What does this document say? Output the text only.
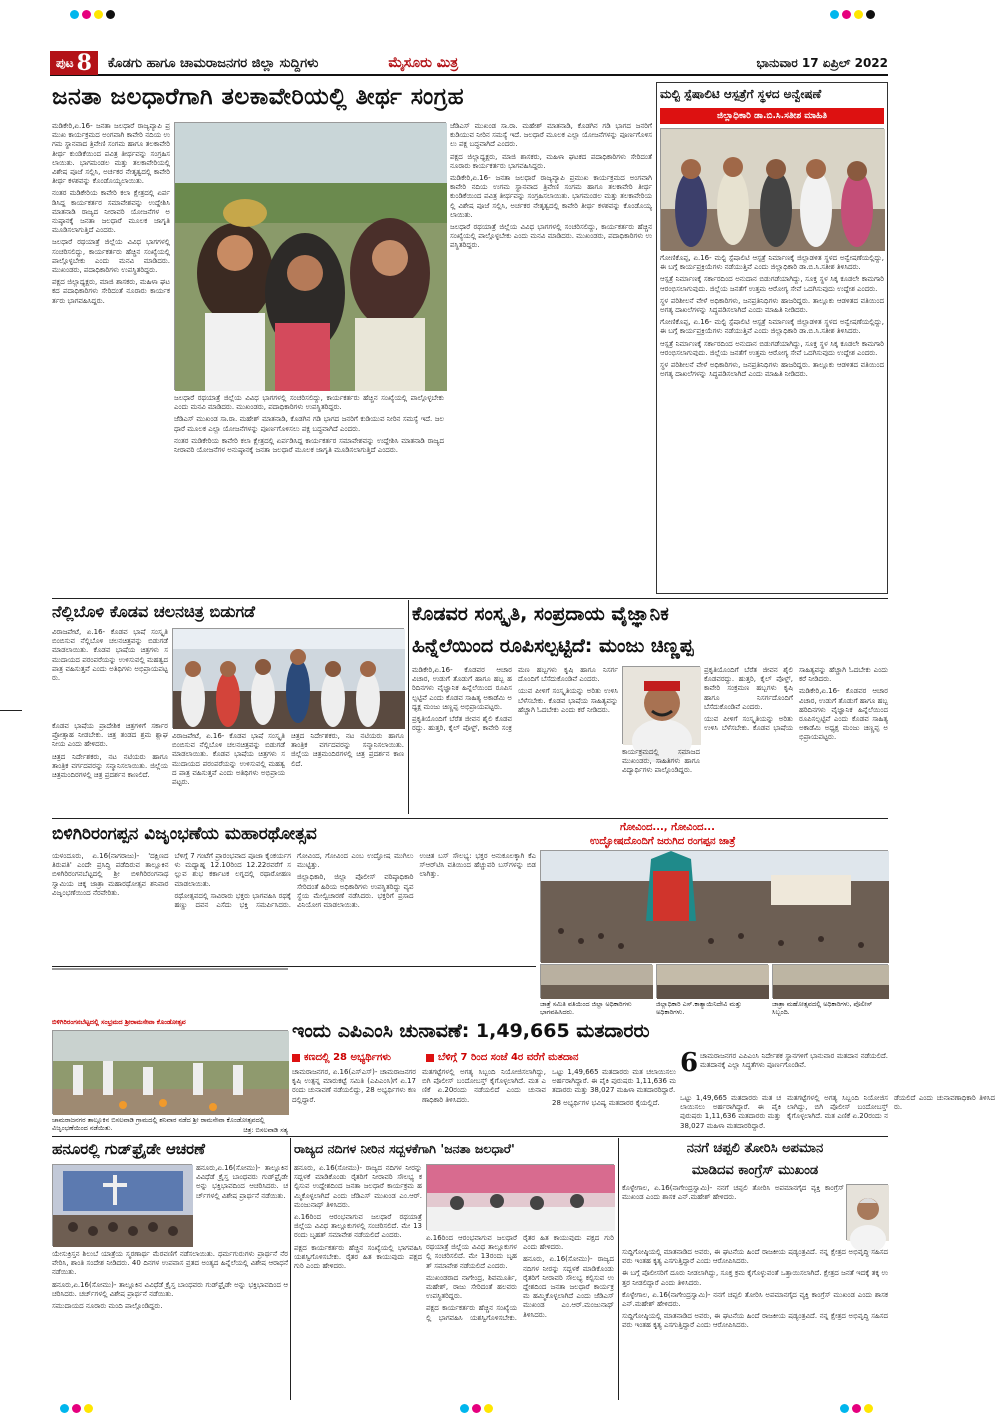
ಪುಟ 8 ಕೊಡಗು ಹಾಗೂ ಚಾಮರಾಜನಗರ ಜಿಲ್ಲಾ ಸುದ್ದಿಗಳು	ಮೈಸೂರು ಮಿತ್ರ	ಭಾನುವಾರ 17 ಏಪ್ರಿಲ್ 2022
ಜನತಾ ಜಲಧಾರೆಗಾಗಿ ತಲಕಾವೇರಿಯಲ್ಲಿ ತೀರ್ಥ ಸಂಗ್ರಹ

ಮಡಿಕೇರಿ,ಏ.16- ಜನತಾ ಜಲಧಾರೆ ರಾಜ್ಯವ್ಯಾಪಿ ಪ್ರಮುಖ ಕಾರ್ಯಕ್ರಮದ ಅಂಗವಾಗಿ ಕಾವೇರಿ ನದಿಯ ಉಗಮ ಸ್ಥಾನವಾದ ತ್ರಿವೇಣಿ ಸಂಗಮ ಹಾಗೂ ತಲಕಾವೇರಿ ತೀರ್ಥ ಕುಂಡಿಕೆಯಿಂದ ಪವಿತ್ರ ತೀರ್ಥವನ್ನು ಸಂಗ್ರಹಿಸಲಾಯಿತು. ಭಾಗಮಂಡಲ ಮತ್ತು ತಲಕಾವೇರಿಯಲ್ಲಿ ವಿಶೇಷ ಪೂಜೆ ಸಲ್ಲಿಸಿ, ಅರ್ಚಕರ ನೇತೃತ್ವದಲ್ಲಿ ಕಾವೇರಿ ತೀರ್ಥ ಕಳಶವನ್ನು ಕೊಂಡೊಯ್ಯಲಾಯಿತು.

ನಂತರ ಮಡಿಕೇರಿಯ ಕಾವೇರಿ ಕಲಾ ಕ್ಷೇತ್ರದಲ್ಲಿ ಏರ್ಪಡಿಸಿದ್ದ ಕಾರ್ಯಕರ್ತರ ಸಮಾವೇಶವನ್ನು ಉದ್ದೇಶಿಸಿ ಮಾತನಾಡಿ ರಾಜ್ಯದ ನೀರಾವರಿ ಯೋಜನೆಗಳ ಅನುಷ್ಠಾನಕ್ಕೆ ಜನತಾ ಜಲಧಾರೆ ಮೂಲಕ ಜಾಗೃತಿ ಮೂಡಿಸಲಾಗುತ್ತಿದೆ ಎಂದರು.

ಜಲಧಾರೆ ರಥಯಾತ್ರೆ ಜಿಲ್ಲೆಯ ವಿವಿಧ ಭಾಗಗಳಲ್ಲಿ ಸಂಚರಿಸಲಿದ್ದು, ಕಾರ್ಯಕರ್ತರು ಹೆಚ್ಚಿನ ಸಂಖ್ಯೆಯಲ್ಲಿ ಪಾಲ್ಗೊಳ್ಳಬೇಕು ಎಂದು ಮನವಿ ಮಾಡಿದರು. ಮುಖಂಡರು, ಪದಾಧಿಕಾರಿಗಳು ಉಪಸ್ಥಿತರಿದ್ದರು.

ಪಕ್ಷದ ಜಿಲ್ಲಾಧ್ಯಕ್ಷರು, ಮಾಜಿ ಶಾಸಕರು, ಮಹಿಳಾ ಘಟಕದ ಪದಾಧಿಕಾರಿಗಳು ಸೇರಿದಂತೆ ನೂರಾರು ಕಾರ್ಯಕರ್ತರು ಭಾಗವಹಿಸಿದ್ದರು.

ಜಲಧಾರೆ ರಥಯಾತ್ರೆ ಜಿಲ್ಲೆಯ ವಿವಿಧ ಭಾಗಗಳಲ್ಲಿ ಸಂಚರಿಸಲಿದ್ದು, ಕಾರ್ಯಕರ್ತರು ಹೆಚ್ಚಿನ ಸಂಖ್ಯೆಯಲ್ಲಿ ಪಾಲ್ಗೊಳ್ಳಬೇಕು ಎಂದು ಮನವಿ ಮಾಡಿದರು. ಮುಖಂಡರು, ಪದಾಧಿಕಾರಿಗಳು ಉಪಸ್ಥಿತರಿದ್ದರು.

ಜೆಡಿಎಸ್ ಮುಖಂಡ ಸಾ.ರಾ. ಮಹೇಶ್ ಮಾತನಾಡಿ, ಕೊಡಗಿನ ಗಡಿ ಭಾಗದ ಜನರಿಗೆ ಕುಡಿಯುವ ನೀರಿನ ಸಮಸ್ಯೆ ಇದೆ. ಜಲಧಾರೆ ಮೂಲಕ ಎಲ್ಲಾ ಯೋಜನೆಗಳನ್ನು ಪೂರ್ಣಗೊಳಿಸಲು ಪಕ್ಷ ಬದ್ಧವಾಗಿದೆ ಎಂದರು.

ನಂತರ ಮಡಿಕೇರಿಯ ಕಾವೇರಿ ಕಲಾ ಕ್ಷೇತ್ರದಲ್ಲಿ ಏರ್ಪಡಿಸಿದ್ದ ಕಾರ್ಯಕರ್ತರ ಸಮಾವೇಶವನ್ನು ಉದ್ದೇಶಿಸಿ ಮಾತನಾಡಿ ರಾಜ್ಯದ ನೀರಾವರಿ ಯೋಜನೆಗಳ ಅನುಷ್ಠಾನಕ್ಕೆ ಜನತಾ ಜಲಧಾರೆ ಮೂಲಕ ಜಾಗೃತಿ ಮೂಡಿಸಲಾಗುತ್ತಿದೆ ಎಂದರು.

ಜೆಡಿಎಸ್ ಮುಖಂಡ ಸಾ.ರಾ. ಮಹೇಶ್ ಮಾತನಾಡಿ, ಕೊಡಗಿನ ಗಡಿ ಭಾಗದ ಜನರಿಗೆ ಕುಡಿಯುವ ನೀರಿನ ಸಮಸ್ಯೆ ಇದೆ. ಜಲಧಾರೆ ಮೂಲಕ ಎಲ್ಲಾ ಯೋಜನೆಗಳನ್ನು ಪೂರ್ಣಗೊಳಿಸಲು ಪಕ್ಷ ಬದ್ಧವಾಗಿದೆ ಎಂದರು.

ಪಕ್ಷದ ಜಿಲ್ಲಾಧ್ಯಕ್ಷರು, ಮಾಜಿ ಶಾಸಕರು, ಮಹಿಳಾ ಘಟಕದ ಪದಾಧಿಕಾರಿಗಳು ಸೇರಿದಂತೆ ನೂರಾರು ಕಾರ್ಯಕರ್ತರು ಭಾಗವಹಿಸಿದ್ದರು.

ಮಡಿಕೇರಿ,ಏ.16- ಜನತಾ ಜಲಧಾರೆ ರಾಜ್ಯವ್ಯಾಪಿ ಪ್ರಮುಖ ಕಾರ್ಯಕ್ರಮದ ಅಂಗವಾಗಿ ಕಾವೇರಿ ನದಿಯ ಉಗಮ ಸ್ಥಾನವಾದ ತ್ರಿವೇಣಿ ಸಂಗಮ ಹಾಗೂ ತಲಕಾವೇರಿ ತೀರ್ಥ ಕುಂಡಿಕೆಯಿಂದ ಪವಿತ್ರ ತೀರ್ಥವನ್ನು ಸಂಗ್ರಹಿಸಲಾಯಿತು. ಭಾಗಮಂಡಲ ಮತ್ತು ತಲಕಾವೇರಿಯಲ್ಲಿ ವಿಶೇಷ ಪೂಜೆ ಸಲ್ಲಿಸಿ, ಅರ್ಚಕರ ನೇತೃತ್ವದಲ್ಲಿ ಕಾವೇರಿ ತೀರ್ಥ ಕಳಶವನ್ನು ಕೊಂಡೊಯ್ಯಲಾಯಿತು.

ಜಲಧಾರೆ ರಥಯಾತ್ರೆ ಜಿಲ್ಲೆಯ ವಿವಿಧ ಭಾಗಗಳಲ್ಲಿ ಸಂಚರಿಸಲಿದ್ದು, ಕಾರ್ಯಕರ್ತರು ಹೆಚ್ಚಿನ ಸಂಖ್ಯೆಯಲ್ಲಿ ಪಾಲ್ಗೊಳ್ಳಬೇಕು ಎಂದು ಮನವಿ ಮಾಡಿದರು. ಮುಖಂಡರು, ಪದಾಧಿಕಾರಿಗಳು ಉಪಸ್ಥಿತರಿದ್ದರು.

ಮಲ್ಟಿ ಸ್ಪೆಷಾಲಿಟಿ ಆಸ್ಪತ್ರೆಗೆ ಸ್ಥಳದ ಅನ್ವೇಷಣೆ
ಜಿಲ್ಲಾಧಿಕಾರಿ ಡಾ.ಬಿ.ಸಿ.ಸತೀಶ ಮಾಹಿತಿ

ಗೋಣಿಕೊಪ್ಪ, ಏ.16- ಮಲ್ಟಿ ಸ್ಪೆಷಾಲಿಟಿ ಆಸ್ಪತ್ರೆ ನಿರ್ಮಾಣಕ್ಕೆ ಜಿಲ್ಲಾಡಳಿತ ಸ್ಥಳದ ಅನ್ವೇಷಣೆಯಲ್ಲಿದ್ದು, ಈ ಬಗ್ಗೆ ಕಾರ್ಯಪ್ರಕ್ರಿಯೆಗಳು ನಡೆಯುತ್ತಿವೆ ಎಂದು ಜಿಲ್ಲಾಧಿಕಾರಿ ಡಾ.ಬಿ.ಸಿ.ಸತೀಶ ತಿಳಿಸಿದರು.

ಆಸ್ಪತ್ರೆ ನಿರ್ಮಾಣಕ್ಕೆ ಸರ್ಕಾರದಿಂದ ಅನುದಾನ ಬಿಡುಗಡೆಯಾಗಿದ್ದು, ಸೂಕ್ತ ಸ್ಥಳ ಸಿಕ್ಕ ಕೂಡಲೇ ಕಾಮಗಾರಿ ಆರಂಭಿಸಲಾಗುವುದು. ಜಿಲ್ಲೆಯ ಜನತೆಗೆ ಉತ್ತಮ ಆರೋಗ್ಯ ಸೇವೆ ಒದಗಿಸುವುದು ಉದ್ದೇಶ ಎಂದರು.

ಸ್ಥಳ ಪರಿಶೀಲನೆ ವೇಳೆ ಅಧಿಕಾರಿಗಳು, ಜನಪ್ರತಿನಿಧಿಗಳು ಹಾಜರಿದ್ದರು. ತಾಲ್ಲೂಕು ಆಡಳಿತದ ವತಿಯಿಂದ ಅಗತ್ಯ ದಾಖಲೆಗಳನ್ನು ಸಿದ್ಧಪಡಿಸಲಾಗಿದೆ ಎಂದು ಮಾಹಿತಿ ನೀಡಿದರು.

ಗೋಣಿಕೊಪ್ಪ, ಏ.16- ಮಲ್ಟಿ ಸ್ಪೆಷಾಲಿಟಿ ಆಸ್ಪತ್ರೆ ನಿರ್ಮಾಣಕ್ಕೆ ಜಿಲ್ಲಾಡಳಿತ ಸ್ಥಳದ ಅನ್ವೇಷಣೆಯಲ್ಲಿದ್ದು, ಈ ಬಗ್ಗೆ ಕಾರ್ಯಪ್ರಕ್ರಿಯೆಗಳು ನಡೆಯುತ್ತಿವೆ ಎಂದು ಜಿಲ್ಲಾಧಿಕಾರಿ ಡಾ.ಬಿ.ಸಿ.ಸತೀಶ ತಿಳಿಸಿದರು.

ಆಸ್ಪತ್ರೆ ನಿರ್ಮಾಣಕ್ಕೆ ಸರ್ಕಾರದಿಂದ ಅನುದಾನ ಬಿಡುಗಡೆಯಾಗಿದ್ದು, ಸೂಕ್ತ ಸ್ಥಳ ಸಿಕ್ಕ ಕೂಡಲೇ ಕಾಮಗಾರಿ ಆರಂಭಿಸಲಾಗುವುದು. ಜಿಲ್ಲೆಯ ಜನತೆಗೆ ಉತ್ತಮ ಆರೋಗ್ಯ ಸೇವೆ ಒದಗಿಸುವುದು ಉದ್ದೇಶ ಎಂದರು.

ಸ್ಥಳ ಪರಿಶೀಲನೆ ವೇಳೆ ಅಧಿಕಾರಿಗಳು, ಜನಪ್ರತಿನಿಧಿಗಳು ಹಾಜರಿದ್ದರು. ತಾಲ್ಲೂಕು ಆಡಳಿತದ ವತಿಯಿಂದ ಅಗತ್ಯ ದಾಖಲೆಗಳನ್ನು ಸಿದ್ಧಪಡಿಸಲಾಗಿದೆ ಎಂದು ಮಾಹಿತಿ ನೀಡಿದರು.

ನೆಲ್ಲಿಬೊಳಿ ಕೊಡವ ಚಲನಚಿತ್ರ ಬಿಡುಗಡೆ

ವಿರಾಜಪೇಟೆ, ಏ.16- ಕೊಡವ ಭಾಷೆ ಸಂಸ್ಕೃತಿ ಬಿಂಬಿಸುವ ನೆಲ್ಲಿಬೊಳಿ ಚಲನಚಿತ್ರವನ್ನು ಬಿಡುಗಡೆ ಮಾಡಲಾಯಿತು. ಕೊಡವ ಭಾಷೆಯ ಚಿತ್ರಗಳು ಸಮುದಾಯದ ಪರಂಪರೆಯನ್ನು ಉಳಿಸುವಲ್ಲಿ ಮಹತ್ವದ ಪಾತ್ರ ವಹಿಸುತ್ತವೆ ಎಂದು ಅತಿಥಿಗಳು ಅಭಿಪ್ರಾಯಪಟ್ಟರು.

ಕೊಡವ ಭಾಷೆಯ ಪ್ರಾದೇಶಿಕ ಚಿತ್ರಗಳಿಗೆ ಸರ್ಕಾರ ಪ್ರೋತ್ಸಾಹ ನೀಡಬೇಕು. ಚಿತ್ರ ತಂಡದ ಶ್ರಮ ಶ್ಲಾಘನೀಯ ಎಂದು ಹೇಳಿದರು.

ಚಿತ್ರದ ನಿರ್ದೇಶಕರು, ನಟ ನಟಿಯರು ಹಾಗೂ ತಾಂತ್ರಿಕ ವರ್ಗದವರನ್ನು ಸನ್ಮಾನಿಸಲಾಯಿತು. ಜಿಲ್ಲೆಯ ಚಿತ್ರಮಂದಿರಗಳಲ್ಲಿ ಚಿತ್ರ ಪ್ರದರ್ಶನ ಕಾಣಲಿದೆ.

ವಿರಾಜಪೇಟೆ, ಏ.16- ಕೊಡವ ಭಾಷೆ ಸಂಸ್ಕೃತಿ ಬಿಂಬಿಸುವ ನೆಲ್ಲಿಬೊಳಿ ಚಲನಚಿತ್ರವನ್ನು ಬಿಡುಗಡೆ ಮಾಡಲಾಯಿತು. ಕೊಡವ ಭಾಷೆಯ ಚಿತ್ರಗಳು ಸಮುದಾಯದ ಪರಂಪರೆಯನ್ನು ಉಳಿಸುವಲ್ಲಿ ಮಹತ್ವದ ಪಾತ್ರ ವಹಿಸುತ್ತವೆ ಎಂದು ಅತಿಥಿಗಳು ಅಭಿಪ್ರಾಯಪಟ್ಟರು.

ಚಿತ್ರದ ನಿರ್ದೇಶಕರು, ನಟ ನಟಿಯರು ಹಾಗೂ ತಾಂತ್ರಿಕ ವರ್ಗದವರನ್ನು ಸನ್ಮಾನಿಸಲಾಯಿತು. ಜಿಲ್ಲೆಯ ಚಿತ್ರಮಂದಿರಗಳಲ್ಲಿ ಚಿತ್ರ ಪ್ರದರ್ಶನ ಕಾಣಲಿದೆ.

ಕೊಡವರ ಸಂಸ್ಕೃತಿ, ಸಂಪ್ರದಾಯ ವೈಜ್ಞಾನಿಕ
ಹಿನ್ನೆಲೆಯಿಂದ ರೂಪಿಸಲ್ಪಟ್ಟಿದೆ: ಮಂಜು ಚಿಣ್ಣಪ್ಪ

ಮಡಿಕೇರಿ,ಏ.16- ಕೊಡವರ ಆಚಾರ ವಿಚಾರ, ಉಡುಗೆ ತೊಡುಗೆ ಹಾಗೂ ಹಬ್ಬ ಹರಿದಿನಗಳು ವೈಜ್ಞಾನಿಕ ಹಿನ್ನೆಲೆಯಿಂದ ರೂಪಿಸಲ್ಪಟ್ಟಿವೆ ಎಂದು ಕೊಡವ ಸಾಹಿತ್ಯ ಅಕಾಡೆಮಿ ಅಧ್ಯಕ್ಷ ಮಂಜು ಚಿಣ್ಣಪ್ಪ ಅಭಿಪ್ರಾಯಪಟ್ಟರು.

ಪ್ರಕೃತಿಯೊಂದಿಗೆ ಬೆರೆತ ಜೀವನ ಶೈಲಿ ಕೊಡವರದ್ದು. ಹುತ್ತರಿ, ಕೈಲ್ ಪೊಳ್ದ್, ಕಾವೇರಿ ಸಂಕ್ರಮಣ ಹಬ್ಬಗಳು ಕೃಷಿ ಹಾಗೂ ನಿಸರ್ಗದೊಂದಿಗೆ ಬೆಸೆದುಕೊಂಡಿವೆ ಎಂದರು.

ಯುವ ಪೀಳಿಗೆ ಸಂಸ್ಕೃತಿಯನ್ನು ಅರಿತು ಉಳಿಸಿ ಬೆಳೆಸಬೇಕು. ಕೊಡವ ಭಾಷೆಯ ಸಾಹಿತ್ಯವನ್ನು ಹೆಚ್ಚಾಗಿ ಓದಬೇಕು ಎಂದು ಕರೆ ನೀಡಿದರು.

ಕಾರ್ಯಕ್ರಮದಲ್ಲಿ ಸಮಾಜದ ಮುಖಂಡರು, ಸಾಹಿತಿಗಳು ಹಾಗೂ ವಿದ್ಯಾರ್ಥಿಗಳು ಪಾಲ್ಗೊಂಡಿದ್ದರು.

ಪ್ರಕೃತಿಯೊಂದಿಗೆ ಬೆರೆತ ಜೀವನ ಶೈಲಿ ಕೊಡವರದ್ದು. ಹುತ್ತರಿ, ಕೈಲ್ ಪೊಳ್ದ್, ಕಾವೇರಿ ಸಂಕ್ರಮಣ ಹಬ್ಬಗಳು ಕೃಷಿ ಹಾಗೂ ನಿಸರ್ಗದೊಂದಿಗೆ ಬೆಸೆದುಕೊಂಡಿವೆ ಎಂದರು.

ಯುವ ಪೀಳಿಗೆ ಸಂಸ್ಕೃತಿಯನ್ನು ಅರಿತು ಉಳಿಸಿ ಬೆಳೆಸಬೇಕು. ಕೊಡವ ಭಾಷೆಯ ಸಾಹಿತ್ಯವನ್ನು ಹೆಚ್ಚಾಗಿ ಓದಬೇಕು ಎಂದು ಕರೆ ನೀಡಿದರು.

ಮಡಿಕೇರಿ,ಏ.16- ಕೊಡವರ ಆಚಾರ ವಿಚಾರ, ಉಡುಗೆ ತೊಡುಗೆ ಹಾಗೂ ಹಬ್ಬ ಹರಿದಿನಗಳು ವೈಜ್ಞಾನಿಕ ಹಿನ್ನೆಲೆಯಿಂದ ರೂಪಿಸಲ್ಪಟ್ಟಿವೆ ಎಂದು ಕೊಡವ ಸಾಹಿತ್ಯ ಅಕಾಡೆಮಿ ಅಧ್ಯಕ್ಷ ಮಂಜು ಚಿಣ್ಣಪ್ಪ ಅಭಿಪ್ರಾಯಪಟ್ಟರು.

ಬಿಳಿಗಿರಿರಂಗಪ್ಪನ ವಿಜೃಂಭಣೆಯ ಮಹಾರಥೋತ್ಸವ	ಗೋವಿಂದ..., ಗೋವಿಂದ...
ಉದ್ಘೋಷದೊಂದಿಗೆ ಜರುಗಿದ ರಂಗಪ್ಪನ ಜಾತ್ರೆ

ಯಳಂದೂರು, ಏ.16(ನಾಗರಾಜು)- 'ದಕ್ಷಿಣದ ತಿರುಪತಿ' ಎಂದೇ ಪ್ರಸಿದ್ಧಿ ಪಡೆದಿರುವ ತಾಲ್ಲೂಕಿನ ಬಿಳಿಗಿರಿರಂಗನಬೆಟ್ಟದಲ್ಲಿ ಶ್ರೀ ಬಿಳಿಗಿರಿರಂಗನಾಥಸ್ವಾಮಿಯ ಚಿಕ್ಕ ಜಾತ್ರಾ ಮಹಾರಥೋತ್ಸವ ಶನಿವಾರ ವಿಜೃಂಭಣೆಯಿಂದ ನೆರವೇರಿತು.

ಬೆಳಿಗ್ಗೆ 7 ಗಂಟೆಗೆ ಪ್ರಾರಂಭವಾದ ಪೂಜಾ ಕೈಂಕರ್ಯಗಳು ಮಧ್ಯಾಹ್ನ 12.10ರಿಂದ 12.22ರವರೆಗೆ ಸಲ್ಲುವ ಶುಭ ಕರ್ಕಾಟಕ ಲಗ್ನದಲ್ಲಿ ರಥಾರೋಹಣ ಮಾಡಲಾಯಿತು.

ರಥೋತ್ಸವದಲ್ಲಿ ಸಾವಿರಾರು ಭಕ್ತರು ಭಾಗವಹಿಸಿ ರಥಕ್ಕೆ ಹಣ್ಣು ದವನ ಎಸೆದು ಭಕ್ತಿ ಸಮರ್ಪಿಸಿದರು. ಗೋವಿಂದ, ಗೋವಿಂದ ಎಂಬ ಉದ್ಘೋಷ ಮುಗಿಲು ಮುಟ್ಟಿತ್ತು.

ಜಿಲ್ಲಾಧಿಕಾರಿ, ಜಿಲ್ಲಾ ಪೊಲೀಸ್ ವರಿಷ್ಠಾಧಿಕಾರಿ ಸೇರಿದಂತೆ ಹಿರಿಯ ಅಧಿಕಾರಿಗಳು ಉಪಸ್ಥಿತರಿದ್ದು ವ್ಯವಸ್ಥೆಯ ಮೇಲ್ವಿಚಾರಣೆ ನಡೆಸಿದರು. ಭಕ್ತರಿಗೆ ಪ್ರಸಾದ ವಿನಿಯೋಗ ಮಾಡಲಾಯಿತು.

ಉಚಿತ ಬಸ್ ಸೌಲಭ್ಯ: ಭಕ್ತರ ಅನುಕೂಲಕ್ಕಾಗಿ ಕೆಎಸ್‌ಆರ್‌ಟಿಸಿ ವತಿಯಿಂದ ಹೆಚ್ಚುವರಿ ಬಸ್‌ಗಳನ್ನು ಬಿಡಲಾಗಿತ್ತು.

ಜಾತ್ರೆ ಸಮಿತಿ ವತಿಯಿಂದ ಜಿಲ್ಲಾ ಅಧಿಕಾರಿಗಳು ಭಾಗವಹಿಸಿದರು.
ಜಿಲ್ಲಾಧಿಕಾರಿ ಎಸ್.ಕಾತ್ಯಾಯಿನಿದೇವಿ ಮತ್ತು ಅಧಿಕಾರಿಗಳು.
ಜಾತ್ರಾ ಮಹೋತ್ಸವದಲ್ಲಿ ಅಧಿಕಾರಿಗಳು, ಪೊಲೀಸ್ ಸಿಬ್ಬಂದಿ.
ಬಿಳಿಗಿರಿರಂಗನಬೆಟ್ಟದಲ್ಲಿ ಸಂಭ್ರಮದ ಶ್ರೀರಾಮಸೇವಾ ಕೊಂಡೋತ್ಸವ
ಚಾಮರಾಜನಗರ ತಾಲ್ಲೂಕಿನ ಬಿಸಲವಾಡಿ ಗ್ರಾಮದಲ್ಲಿ ಶನಿವಾರ ನಡೆದ ಶ್ರೀ ರಾಮಸೇವಾ ಕೊಂಡೋತ್ಸವದಲ್ಲಿ ವಿಜೃಂಭಣೆಯಿಂದ ನಡೆಯಿತು.	ಚಿತ್ರ: ಬಿಸಲವಾಡಿ ಸತ್ಯ
ಇಂದು ಎಪಿಎಂಸಿ ಚುನಾವಣೆ: 1,49,665 ಮತದಾರರು
ಕಣದಲ್ಲಿ 28 ಅಭ್ಯರ್ಥಿಗಳು	ಬೆಳಿಗ್ಗೆ 7 ರಿಂದ ಸಂಜೆ 4ರ ವರೆಗೆ ಮತದಾನ	6 ಚಾಮರಾಜನಗರ ಎಪಿಎಂಸಿ ನಿರ್ದೇಶಕ ಸ್ಥಾನಗಳಿಗೆ ಭಾನುವಾರ ಮತದಾನ ನಡೆಯಲಿದೆ. ಮತದಾನಕ್ಕೆ ಎಲ್ಲಾ ಸಿದ್ಧತೆಗಳು ಪೂರ್ಣಗೊಂಡಿವೆ.

ಚಾಮರಾಜನಗರ, ಏ.16(ಎಸ್‌ಎಸ್)- ಚಾಮರಾಜನಗರ ಕೃಷಿ ಉತ್ಪನ್ನ ಮಾರುಕಟ್ಟೆ ಸಮಿತಿ (ಎಪಿಎಂಸಿ)ಗೆ ಏ.17ರಂದು ಚುನಾವಣೆ ನಡೆಯಲಿದ್ದು, 28 ಅಭ್ಯರ್ಥಿಗಳು ಕಣದಲ್ಲಿದ್ದಾರೆ.

ಮತಗಟ್ಟೆಗಳಲ್ಲಿ ಅಗತ್ಯ ಸಿಬ್ಬಂದಿ ನಿಯೋಜಿಸಲಾಗಿದ್ದು, ಬಿಗಿ ಪೊಲೀಸ್ ಬಂದೋಬಸ್ತ್ ಕೈಗೊಳ್ಳಲಾಗಿದೆ. ಮತ ಎಣಿಕೆ ಏ.20ರಂದು ನಡೆಯಲಿದೆ ಎಂದು ಚುನಾವಣಾಧಿಕಾರಿ ತಿಳಿಸಿದರು.

ಒಟ್ಟು 1,49,665 ಮತದಾರರು ಮತ ಚಲಾಯಿಸಲು ಅರ್ಹರಾಗಿದ್ದಾರೆ. ಈ ಪೈಕಿ ಪುರುಷರು 1,11,636 ಮತದಾರರು ಮತ್ತು 38,027 ಮಹಿಳಾ ಮತದಾರರಿದ್ದಾರೆ.

28 ಅಭ್ಯರ್ಥಿಗಳ ಭವಿಷ್ಯ ಮತದಾರರ ಕೈಯಲ್ಲಿದೆ.

ಒಟ್ಟು 1,49,665 ಮತದಾರರು ಮತ ಚಲಾಯಿಸಲು ಅರ್ಹರಾಗಿದ್ದಾರೆ. ಈ ಪೈಕಿ ಪುರುಷರು 1,11,636 ಮತದಾರರು ಮತ್ತು 38,027 ಮಹಿಳಾ ಮತದಾರರಿದ್ದಾರೆ.

ಮತಗಟ್ಟೆಗಳಲ್ಲಿ ಅಗತ್ಯ ಸಿಬ್ಬಂದಿ ನಿಯೋಜಿಸಲಾಗಿದ್ದು, ಬಿಗಿ ಪೊಲೀಸ್ ಬಂದೋಬಸ್ತ್ ಕೈಗೊಳ್ಳಲಾಗಿದೆ. ಮತ ಎಣಿಕೆ ಏ.20ರಂದು ನಡೆಯಲಿದೆ ಎಂದು ಚುನಾವಣಾಧಿಕಾರಿ ತಿಳಿಸಿದರು.

ಹನೂರಲ್ಲಿ ಗುಡ್‌ಫ್ರೈಡೇ ಆಚರಣೆ

ಹನೂರು,ಏ.16(ಸೋಮು)- ತಾಲ್ಲೂಕಿನ ವಿವಿಧೆಡೆ ಕ್ರೈಸ್ತ ಬಾಂಧವರು ಗುಡ್‌ಫ್ರೈಡೇ ಅನ್ನು ಭಕ್ತಿಭಾವದಿಂದ ಆಚರಿಸಿದರು. ಚರ್ಚ್‌ಗಳಲ್ಲಿ ವಿಶೇಷ ಪ್ರಾರ್ಥನೆ ನಡೆಯಿತು.

ಯೇಸುಕ್ರಿಸ್ತನ ಶಿಲುಬೆ ಯಾತ್ರೆಯ ಸ್ಮರಣಾರ್ಥ ಮೆರವಣಿಗೆ ನಡೆಸಲಾಯಿತು. ಧರ್ಮಗುರುಗಳು ಪ್ರಾರ್ಥನೆ ನೆರವೇರಿಸಿ, ಶಾಂತಿ ಸಂದೇಶ ನೀಡಿದರು. 40 ದಿನಗಳ ಉಪವಾಸ ವ್ರತದ ಅಂತ್ಯದ ಹಿನ್ನೆಲೆಯಲ್ಲಿ ವಿಶೇಷ ಆರಾಧನೆ ನಡೆಯಿತು.

ಹನೂರು,ಏ.16(ಸೋಮು)- ತಾಲ್ಲೂಕಿನ ವಿವಿಧೆಡೆ ಕ್ರೈಸ್ತ ಬಾಂಧವರು ಗುಡ್‌ಫ್ರೈಡೇ ಅನ್ನು ಭಕ್ತಿಭಾವದಿಂದ ಆಚರಿಸಿದರು. ಚರ್ಚ್‌ಗಳಲ್ಲಿ ವಿಶೇಷ ಪ್ರಾರ್ಥನೆ ನಡೆಯಿತು.

ಸಮುದಾಯದ ನೂರಾರು ಮಂದಿ ಪಾಲ್ಗೊಂಡಿದ್ದರು.

ರಾಜ್ಯದ ನದಿಗಳ ನೀರಿನ ಸದ್ಬಳಕೆಗಾಗಿ 'ಜನತಾ ಜಲಧಾರೆ'

ಹನೂರು, ಏ.16(ಸೋಮು)- ರಾಜ್ಯದ ನದಿಗಳ ನೀರನ್ನು ಸದ್ಬಳಕೆ ಮಾಡಿಕೊಂಡು ರೈತರಿಗೆ ನೀರಾವರಿ ಸೌಲಭ್ಯ ಕಲ್ಪಿಸುವ ಉದ್ದೇಶದಿಂದ ಜನತಾ ಜಲಧಾರೆ ಕಾರ್ಯಕ್ರಮ ಹಮ್ಮಿಕೊಳ್ಳಲಾಗಿದೆ ಎಂದು ಜೆಡಿಎಸ್ ಮುಖಂಡ ಎಂ.ಆರ್.ಮಂಜುನಾಥ್ ತಿಳಿಸಿದರು.

ಏ.16ರಿಂದ ಆರಂಭವಾಗುವ ಜಲಧಾರೆ ರಥಯಾತ್ರೆ ಜಿಲ್ಲೆಯ ವಿವಿಧ ತಾಲ್ಲೂಕುಗಳಲ್ಲಿ ಸಂಚರಿಸಲಿದೆ. ಮೇ 13ರಂದು ಬೃಹತ್ ಸಮಾವೇಶ ನಡೆಯಲಿದೆ ಎಂದರು.

ಪಕ್ಷದ ಕಾರ್ಯಕರ್ತರು ಹೆಚ್ಚಿನ ಸಂಖ್ಯೆಯಲ್ಲಿ ಭಾಗವಹಿಸಿ ಯಶಸ್ವಿಗೊಳಿಸಬೇಕು. ರೈತರ ಹಿತ ಕಾಯುವುದು ಪಕ್ಷದ ಗುರಿ ಎಂದು ಹೇಳಿದರು.

ಏ.16ರಿಂದ ಆರಂಭವಾಗುವ ಜಲಧಾರೆ ರಥಯಾತ್ರೆ ಜಿಲ್ಲೆಯ ವಿವಿಧ ತಾಲ್ಲೂಕುಗಳಲ್ಲಿ ಸಂಚರಿಸಲಿದೆ. ಮೇ 13ರಂದು ಬೃಹತ್ ಸಮಾವೇಶ ನಡೆಯಲಿದೆ ಎಂದರು.

ಮುಖಂಡರಾದ ನಾಗೇಂದ್ರ, ಶಿವಮೂರ್ತಿ, ಮಹೇಶ್, ರಾಜು ಸೇರಿದಂತೆ ಹಲವರು ಉಪಸ್ಥಿತರಿದ್ದರು.

ಪಕ್ಷದ ಕಾರ್ಯಕರ್ತರು ಹೆಚ್ಚಿನ ಸಂಖ್ಯೆಯಲ್ಲಿ ಭಾಗವಹಿಸಿ ಯಶಸ್ವಿಗೊಳಿಸಬೇಕು. ರೈತರ ಹಿತ ಕಾಯುವುದು ಪಕ್ಷದ ಗುರಿ ಎಂದು ಹೇಳಿದರು.

ಹನೂರು, ಏ.16(ಸೋಮು)- ರಾಜ್ಯದ ನದಿಗಳ ನೀರನ್ನು ಸದ್ಬಳಕೆ ಮಾಡಿಕೊಂಡು ರೈತರಿಗೆ ನೀರಾವರಿ ಸೌಲಭ್ಯ ಕಲ್ಪಿಸುವ ಉದ್ದೇಶದಿಂದ ಜನತಾ ಜಲಧಾರೆ ಕಾರ್ಯಕ್ರಮ ಹಮ್ಮಿಕೊಳ್ಳಲಾಗಿದೆ ಎಂದು ಜೆಡಿಎಸ್ ಮುಖಂಡ ಎಂ.ಆರ್.ಮಂಜುನಾಥ್ ತಿಳಿಸಿದರು.

ನನಗೆ ಚಪ್ಪಲಿ ತೋರಿಸಿ ಅಪಮಾನ
ಮಾಡಿದವ ಕಾಂಗ್ರೆಸ್ ಮುಖಂಡ

ಕೊಳ್ಳೇಗಾಲ, ಏ.16(ನಾಗೇಂದ್ರಸ್ವಾಮಿ)- ನನಗೆ ಚಪ್ಪಲಿ ತೋರಿಸಿ ಅಪಮಾನಗೈದ ವ್ಯಕ್ತಿ ಕಾಂಗ್ರೆಸ್ ಮುಖಂಡ ಎಂದು ಶಾಸಕ ಎನ್.ಮಹೇಶ್ ಹೇಳಿದರು.

ಸುದ್ದಿಗೋಷ್ಠಿಯಲ್ಲಿ ಮಾತನಾಡಿದ ಅವರು, ಈ ಘಟನೆಯ ಹಿಂದೆ ರಾಜಕೀಯ ಷಡ್ಯಂತ್ರವಿದೆ. ನನ್ನ ಕ್ಷೇತ್ರದ ಅಭಿವೃದ್ಧಿ ಸಹಿಸದವರು ಇಂತಹ ಕೃತ್ಯ ಎಸಗುತ್ತಿದ್ದಾರೆ ಎಂದು ಆರೋಪಿಸಿದರು.

ಈ ಬಗ್ಗೆ ಪೊಲೀಸರಿಗೆ ದೂರು ನೀಡಲಾಗಿದ್ದು, ಸೂಕ್ತ ಕ್ರಮ ಕೈಗೊಳ್ಳುವಂತೆ ಒತ್ತಾಯಿಸಲಾಗಿದೆ. ಕ್ಷೇತ್ರದ ಜನತೆ ಇದಕ್ಕೆ ತಕ್ಕ ಉತ್ತರ ನೀಡಲಿದ್ದಾರೆ ಎಂದು ತಿಳಿಸಿದರು.

ಕೊಳ್ಳೇಗಾಲ, ಏ.16(ನಾಗೇಂದ್ರಸ್ವಾಮಿ)- ನನಗೆ ಚಪ್ಪಲಿ ತೋರಿಸಿ ಅಪಮಾನಗೈದ ವ್ಯಕ್ತಿ ಕಾಂಗ್ರೆಸ್ ಮುಖಂಡ ಎಂದು ಶಾಸಕ ಎನ್.ಮಹೇಶ್ ಹೇಳಿದರು.

ಸುದ್ದಿಗೋಷ್ಠಿಯಲ್ಲಿ ಮಾತನಾಡಿದ ಅವರು, ಈ ಘಟನೆಯ ಹಿಂದೆ ರಾಜಕೀಯ ಷಡ್ಯಂತ್ರವಿದೆ. ನನ್ನ ಕ್ಷೇತ್ರದ ಅಭಿವೃದ್ಧಿ ಸಹಿಸದವರು ಇಂತಹ ಕೃತ್ಯ ಎಸಗುತ್ತಿದ್ದಾರೆ ಎಂದು ಆರೋಪಿಸಿದರು.
